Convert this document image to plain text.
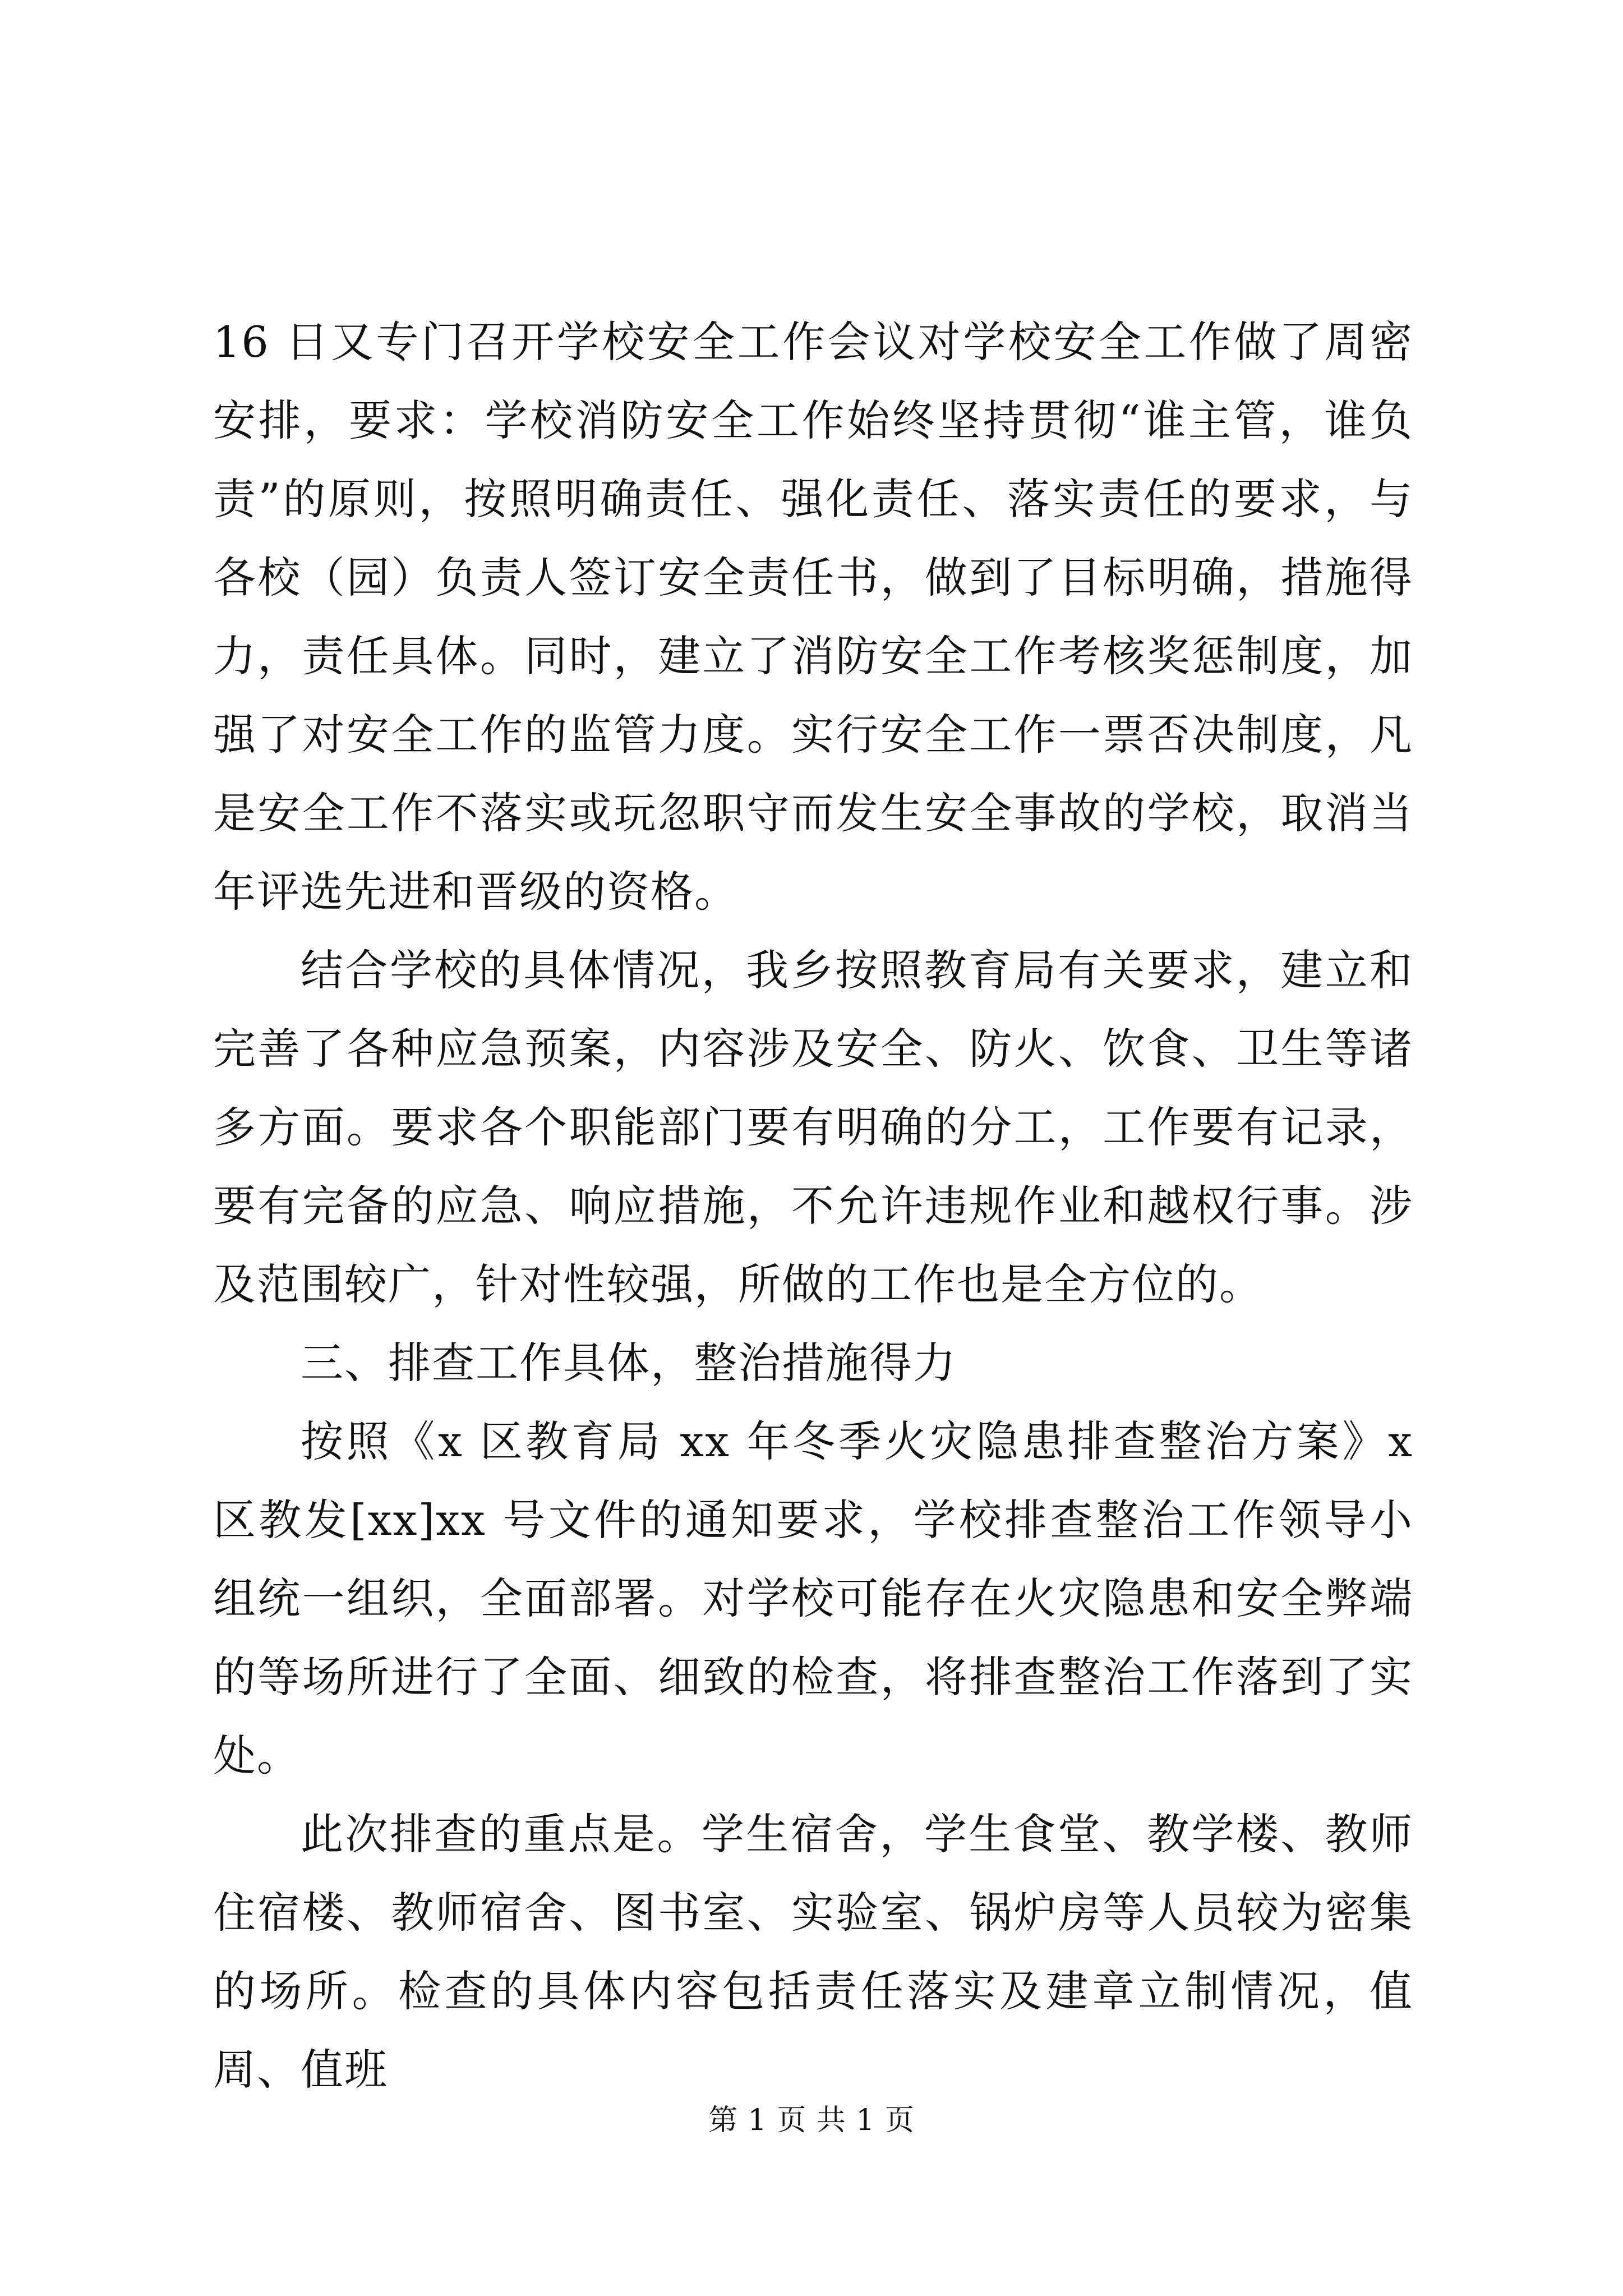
16 日又专门召开学校安全工作会议对学校安全工作做了周密安排，要求：学校消防安全工作始终坚持贯彻“谁主管，谁负责”的原则，按照明确责任、强化责任、落实责任的要求，与各校（园）负责人签订安全责任书，做到了目标明确，措施得力，责任具体。同时，建立了消防安全工作考核奖惩制度，加强了对安全工作的监管力度。实行安全工作一票否决制度，凡是安全工作不落实或玩忽职守而发生安全事故的学校，取消当年评选先进和晋级的资格。

结合学校的具体情况，我乡按照教育局有关要求，建立和完善了各种应急预案，内容涉及安全、防火、饮食、卫生等诸多方面。要求各个职能部门要有明确的分工，工作要有记录，要有完备的应急、响应措施，不允许违规作业和越权行事。涉及范围较广，针对性较强，所做的工作也是全方位的。

三、排查工作具体，整治措施得力

按照《x 区教育局 xx 年冬季火灾隐患排查整治方案》x 区教发[xx]xx 号文件的通知要求，学校排查整治工作领导小组统一组织，全面部署。对学校可能存在火灾隐患和安全弊端的等场所进行了全面、细致的检查，将排查整治工作落到了实处。

此次排查的重点是。学生宿舍，学生食堂、教学楼、教师住宿楼、教师宿舍、图书室、实验室、锅炉房等人员较为密集的场所。检查的具体内容包括责任落实及建章立制情况，值周、值班

第 1 页 共 1 页
